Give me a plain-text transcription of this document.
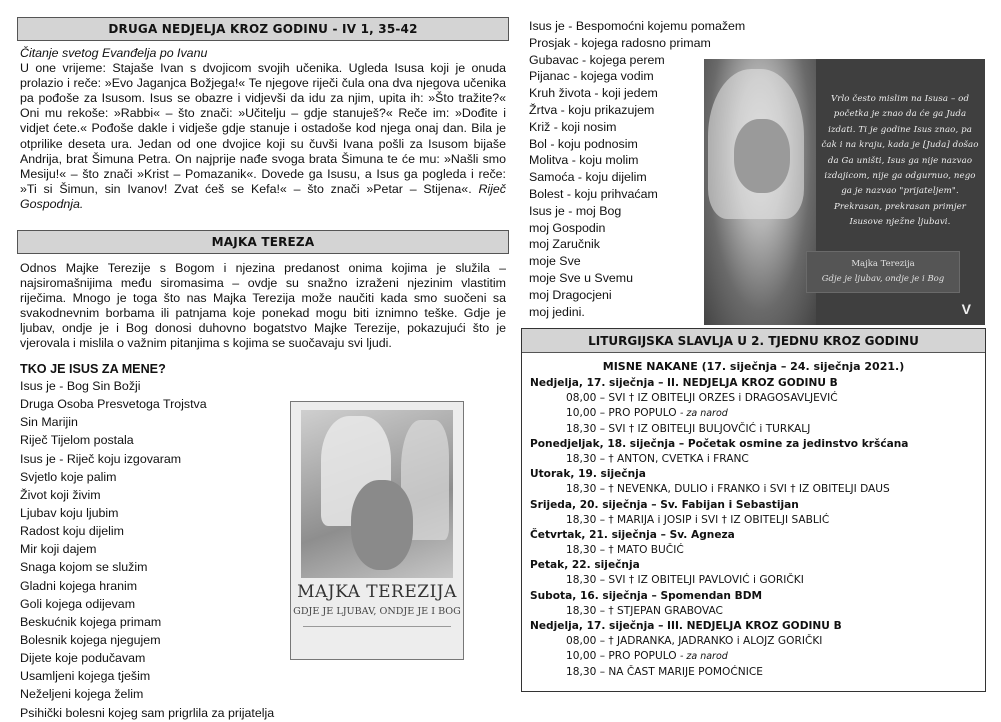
DRUGA NEDJELJA KROZ GODINU - IV 1, 35-42
Čitanje svetog Evanđelja po Ivanu
U one vrijeme: Stajaše Ivan s dvojicom svojih učenika. Ugleda Isusa koji je onuda prolazio i reče: »Evo Jaganjca Božjega!« Te njegove riječi čula ona dva njegova učenika pa pođoše za Isusom. Isus se obazre i vidjevši da idu za njim, upita ih: »Što tražite?« Oni mu rekoše: »Rabbi« – što znači: »Učitelju – gdje stanuješ?« Reče im: »Dođite i vidjet ćete.« Pođoše dakle i vidješe gdje stanuje i ostadoše kod njega onaj dan. Bila je otprilike deseta ura. Jedan od one dvojice koji su čuvši Ivana pošli za Isusom bijaše Andrija, brat Šimuna Petra. On najprije nađe svoga brata Šimuna te će mu: »Našli smo Mesiju!« – što znači »Krist – Pomazanik«. Dovede ga Isusu, a Isus ga pogleda i reče: »Ti si Šimun, sin Ivanov! Zvat ćeš se Kefa!« – što znači »Petar – Stijena«. Riječ Gospodnja.
MAJKA TEREZA
Odnos Majke Terezije s Bogom i njezina predanost onima kojima je služila – najsiromašnijima među siromasima – ovdje su snažno izraženi njezinim vlastitim riječima. Mnogo je toga što nas Majka Terezija može naučiti kada smo suočeni sa svakodnevnim borbama ili patnjama koje ponekad mogu biti iznimno teške. Gdje je ljubav, ondje je i Bog donosi duhovno bogatstvo Majke Terezije, pokazujući što je vjerovala i mislila o važnim pitanjima s kojima se suočavaju svi ljudi.
TKO JE ISUS ZA MENE?
Isus je - Bog Sin Božji
Druga Osoba Presvetoga Trojstva
Sin Marijin
Riječ Tijelom postala
Isus je - Riječ koju izgovaram
Svjetlo koje palim
Život koji živim
Ljubav koju ljubim
Radost koju dijelim
Mir koji dajem
Snaga kojom se služim
Gladni kojega hranim
Goli kojega odijevam
Beskućnik kojega primam
Bolesnik kojega njegujem
Dijete koje podučavam
Usamljeni kojega tješim
Neželjeni kojega želim
Psihički bolesni kojeg sam prigrlila za prijatelja
MAJKA TEREZIJA
GDJE JE LJUBAV, ONDJE JE I BOG
Isus je - Bespomoćni kojemu pomažem
Prosjak - kojega radosno primam
Gubavac - kojega perem
Pijanac - kojega vodim
Kruh života - koji jedem
Žrtva - koju prikazujem
Križ - koji nosim
Bol - koju podnosim
Molitva - koju molim
Samoća - koju dijelim
Bolest - koju prihvaćam
Isus je - moj Bog
moj Gospodin
moj Zaručnik
moje Sve
moje Sve u Svemu
moj Dragocjeni
moj jedini.
Vrlo često mislim na Isusa – od početka je znao da će ga Juda izdati. Ti je godine Isus znao, pa čak i na kraju, kada je [Juda] došao da Ga uništi, Isus ga nije nazvao izdajicom, nije ga odgurnuo, nego ga je nazvao "prijateljem". Prekrasan, prekrasan primjer Isusove nježne ljubavi.
Majka Terezija
Gdje je ljubav, ondje je i Bog
V
LITURGIJSKA SLAVLJA U 2. TJEDNU KROZ GODINU
MISNE NAKANE (17. siječnja – 24. siječnja 2021.)
Nedjelja, 17. siječnja – II. NEDJELJA KROZ GODINU B
08,00 – SVI † IZ OBITELJI ORZES i DRAGOSAVLJEVIĆ
10,00 – PRO POPULO - za narod
18,30 – SVI † IZ OBITELJI BULJOVČIĆ i TURKALJ
Ponedjeljak, 18. siječnja – Početak osmine za jedinstvo kršćana
18,30 – † ANTON, CVETKA i FRANC
Utorak, 19. siječnja
18,30 – † NEVENKA, DULIO i FRANKO i SVI † IZ OBITELJI DAUS
Srijeda, 20. siječnja – Sv. Fabijan i Sebastijan
18,30 – † MARIJA i JOSIP i SVI † IZ OBITELJI SABLIĆ
Četvrtak, 21. siječnja – Sv. Agneza
18,30 – † MATO BUČIĆ
Petak, 22. siječnja
18,30 – SVI † IZ OBITELJI PAVLOVIĆ i GORIČKI
Subota, 16. siječnja – Spomendan BDM
18,30 – † STJEPAN GRABOVAC
Nedjelja, 17. siječnja – III. NEDJELJA KROZ GODINU B
08,00 – † JADRANKA, JADRANKO i ALOJZ GORIČKI
10,00 – PRO POPULO - za narod
18,30 – NA ČAST MARIJE POMOĆNICE
